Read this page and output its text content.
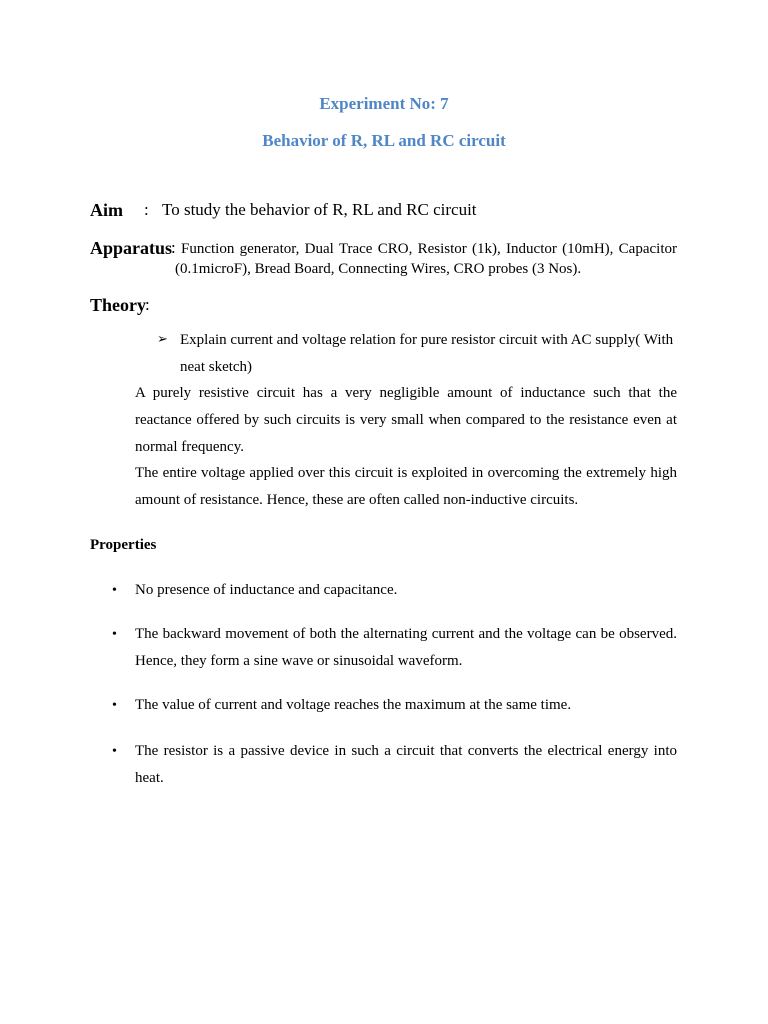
Experiment No: 7
Behavior of R, RL and RC circuit
Aim : To study the behavior of R, RL and RC circuit
Apparatus
: Function generator, Dual Trace CRO, Resistor (1k), Inductor (10mH), Capacitor
(0.1microF), Bread Board, Connecting Wires, CRO probes (3 Nos).
Theory :
➢ Explain current and voltage relation for pure resistor circuit with AC supply( With neat sketch)
A purely resistive circuit has a very negligible amount of inductance such that the reactance offered by such circuits is very small when compared to the resistance even at normal frequency.
The entire voltage applied over this circuit is exploited in overcoming the extremely high amount of resistance. Hence, these are often called non-inductive circuits.
Properties
• No presence of inductance and capacitance.
• The backward movement of both the alternating current and the voltage can be observed. Hence, they form a sine wave or sinusoidal waveform.
• The value of current and voltage reaches the maximum at the same time.
• The resistor is a passive device in such a circuit that converts the electrical energy into heat.
